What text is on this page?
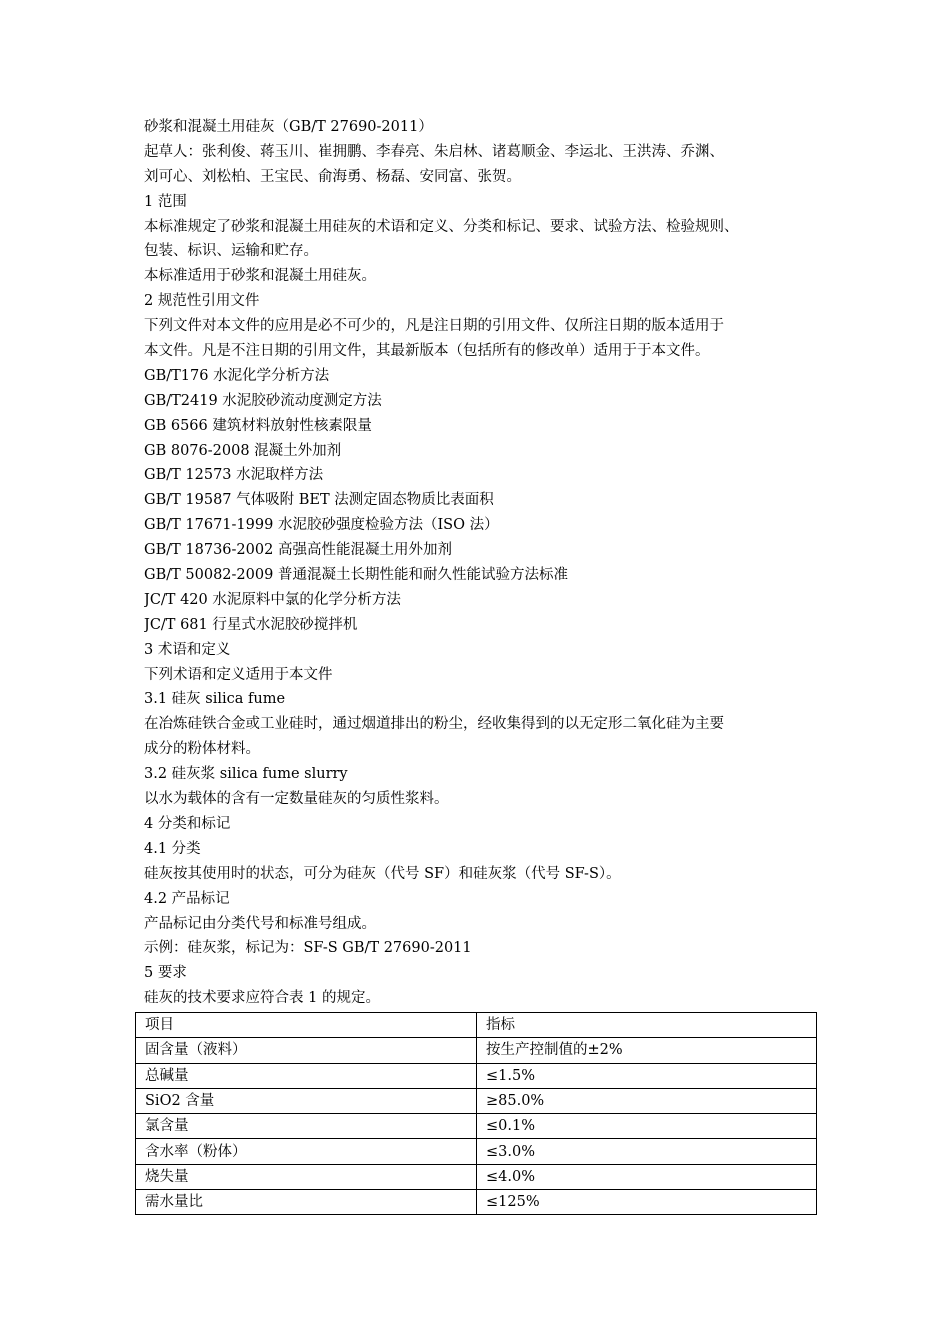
砂浆和混凝土用硅灰（GB/T 27690-2011）
起草人：张利俊、蒋玉川、崔拥鹏、李春亮、朱启林、诸葛顺金、李运北、王洪涛、乔渊、
刘可心、刘松柏、王宝民、俞海勇、杨磊、安同富、张贺。
1 范围
本标准规定了砂浆和混凝土用硅灰的术语和定义、分类和标记、要求、试验方法、检验规则、
包装、标识、运输和贮存。
本标准适用于砂浆和混凝土用硅灰。
2 规范性引用文件
下列文件对本文件的应用是必不可少的，凡是注日期的引用文件、仅所注日期的版本适用于
本文件。凡是不注日期的引用文件，其最新版本（包括所有的修改单）适用于于本文件。
GB/T176 水泥化学分析方法
GB/T2419 水泥胶砂流动度测定方法
GB 6566 建筑材料放射性核素限量
GB 8076-2008 混凝土外加剂
GB/T 12573 水泥取样方法
GB/T 19587 气体吸附 BET 法测定固态物质比表面积
GB/T 17671-1999 水泥胶砂强度检验方法（ISO 法）
GB/T 18736-2002 高强高性能混凝土用外加剂
GB/T 50082-2009 普通混凝土长期性能和耐久性能试验方法标准
JC/T 420 水泥原料中氯的化学分析方法
JC/T 681 行星式水泥胶砂搅拌机
3 术语和定义
下列术语和定义适用于本文件
3.1 硅灰 silica fume
在冶炼硅铁合金或工业硅时，通过烟道排出的粉尘，经收集得到的以无定形二氧化硅为主要
成分的粉体材料。
3.2 硅灰浆 silica fume slurry
以水为载体的含有一定数量硅灰的匀质性浆料。
4 分类和标记
4.1 分类
硅灰按其使用时的状态，可分为硅灰（代号 SF）和硅灰浆（代号 SF-S）。
4.2 产品标记
产品标记由分类代号和标准号组成。
示例：硅灰浆，标记为：SF-S GB/T 27690-2011
5 要求
硅灰的技术要求应符合表 1 的规定。
项目	指标
固含量（液料）	按生产控制值的±2%
总碱量	≤1.5%
SiO2 含量	≥85.0%
氯含量	≤0.1%
含水率（粉体）	≤3.0%
烧失量	≤4.0%
需水量比	≤125%
